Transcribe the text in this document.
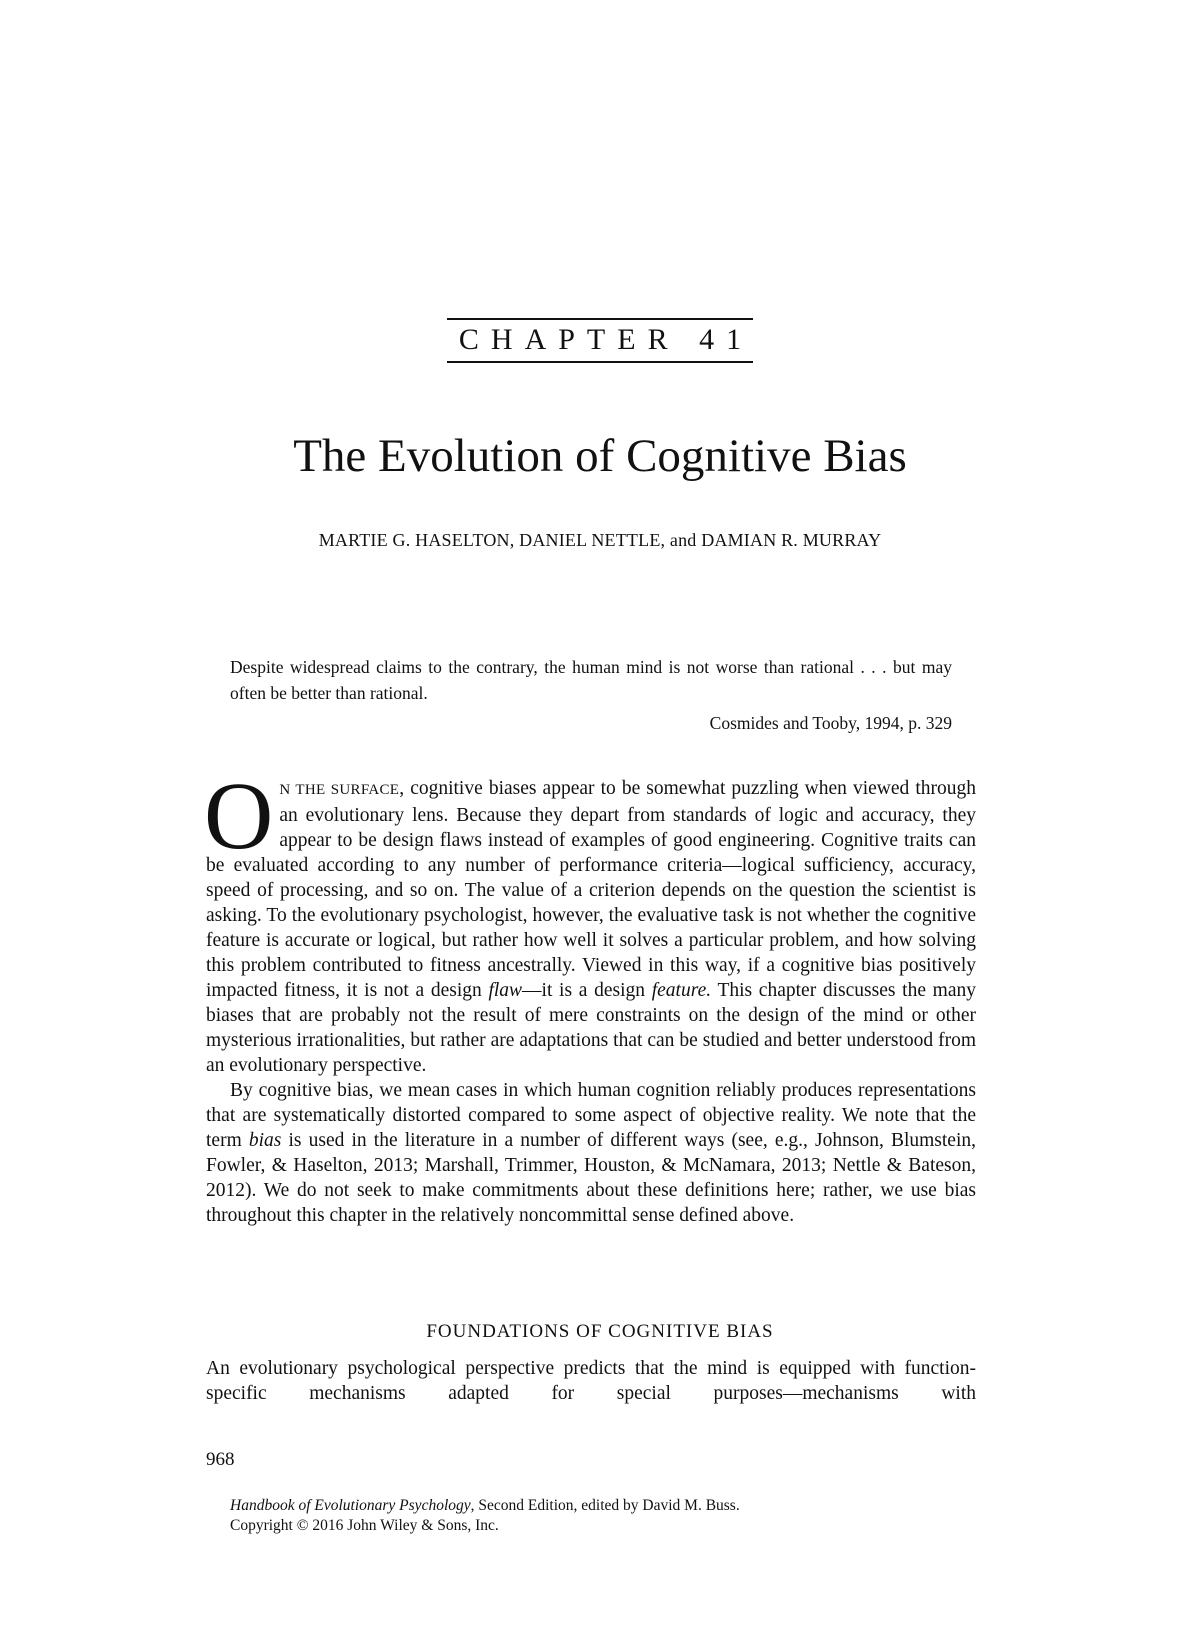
CHAPTER 41
The Evolution of Cognitive Bias
MARTIE G. HASELTON, DANIEL NETTLE, and DAMIAN R. MURRAY
Despite widespread claims to the contrary, the human mind is not worse than rational . . . but may often be better than rational.
Cosmides and Tooby, 1994, p. 329

O N THE SURFACE, cognitive biases appear to be somewhat puzzling when viewed through an evolutionary lens. Because they depart from standards of logic and accuracy, they appear to be design flaws instead of examples of good engineering. Cognitive traits can be evaluated according to any number of performance criteria—logical sufficiency, accuracy, speed of processing, and so on. The value of a criterion depends on the question the scientist is asking. To the evolutionary psychologist, however, the evaluative task is not whether the cognitive feature is accurate or logical, but rather how well it solves a particular problem, and how solving this problem contributed to fitness ancestrally. Viewed in this way, if a cognitive bias positively impacted fitness, it is not a design flaw—it is a design feature. This chapter discusses the many biases that are probably not the result of mere constraints on the design of the mind or other mysterious irrationalities, but rather are adaptations that can be studied and better understood from an evolutionary perspective.

By cognitive bias, we mean cases in which human cognition reliably produces representations that are systematically distorted compared to some aspect of objective reality. We note that the term bias is used in the literature in a number of different ways (see, e.g., Johnson, Blumstein, Fowler, & Haselton, 2013; Marshall, Trimmer, Houston, & McNamara, 2013; Nettle & Bateson, 2012). We do not seek to make commitments about these definitions here; rather, we use bias throughout this chapter in the relatively noncommittal sense defined above.

FOUNDATIONS OF COGNITIVE BIAS
An evolutionary psychological perspective predicts that the mind is equipped with function-specific mechanisms adapted for special purposes—mechanisms with
968
Handbook of Evolutionary Psychology, Second Edition, edited by David M. Buss.
Copyright © 2016 John Wiley & Sons, Inc.
